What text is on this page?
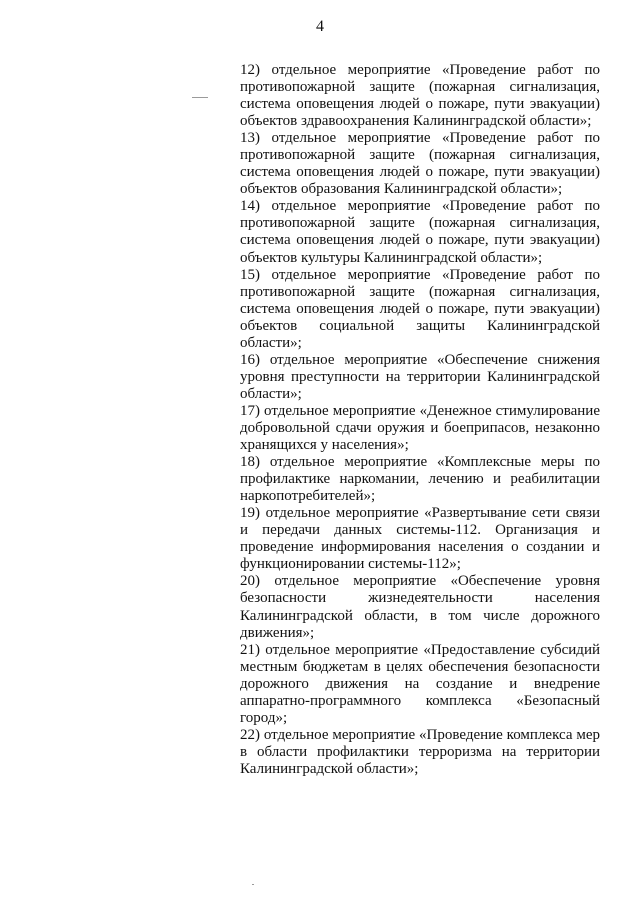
4

12) отдельное мероприятие «Проведение работ по противопожарной защите (пожарная сигнализация, система оповещения людей о пожаре, пути эвакуации) объектов здравоохранения Калининградской области»;

13) отдельное мероприятие «Проведение работ по противопожарной защите (пожарная сигнализация, система оповещения людей о пожаре, пути эвакуации) объектов образования Калининградской области»;

14) отдельное мероприятие «Проведение работ по противопожарной защите (пожарная сигнализация, система оповещения людей о пожаре, пути эвакуации) объектов культуры Калининградской области»;

15) отдельное мероприятие «Проведение работ по противопожарной защите (пожарная сигнализация, система оповещения людей о пожаре, пути эвакуации) объектов социальной защиты Калининградской области»;

16) отдельное мероприятие «Обеспечение снижения уровня преступности на территории Калининградской области»;

17) отдельное мероприятие «Денежное стимулирование добровольной сдачи оружия и боеприпасов, незаконно хранящихся у населения»;

18) отдельное мероприятие «Комплексные меры по профилактике наркомании, лечению и реабилитации наркопотребителей»;

19) отдельное мероприятие «Развертывание сети связи и передачи данных системы-112. Организация и проведение информирования населения о создании и функционировании системы-112»;

20) отдельное мероприятие «Обеспечение уровня безопасности жизнедеятельности населения Калининградской области, в том числе дорожного движения»;

21) отдельное мероприятие «Предоставление субсидий местным бюджетам в целях обеспечения безопасности дорожного движения на создание и внедрение аппаратно-программного комплекса «Безопасный город»;

22) отдельное мероприятие «Проведение комплекса мер в области профилактики терроризма на территории Калининградской области»;
